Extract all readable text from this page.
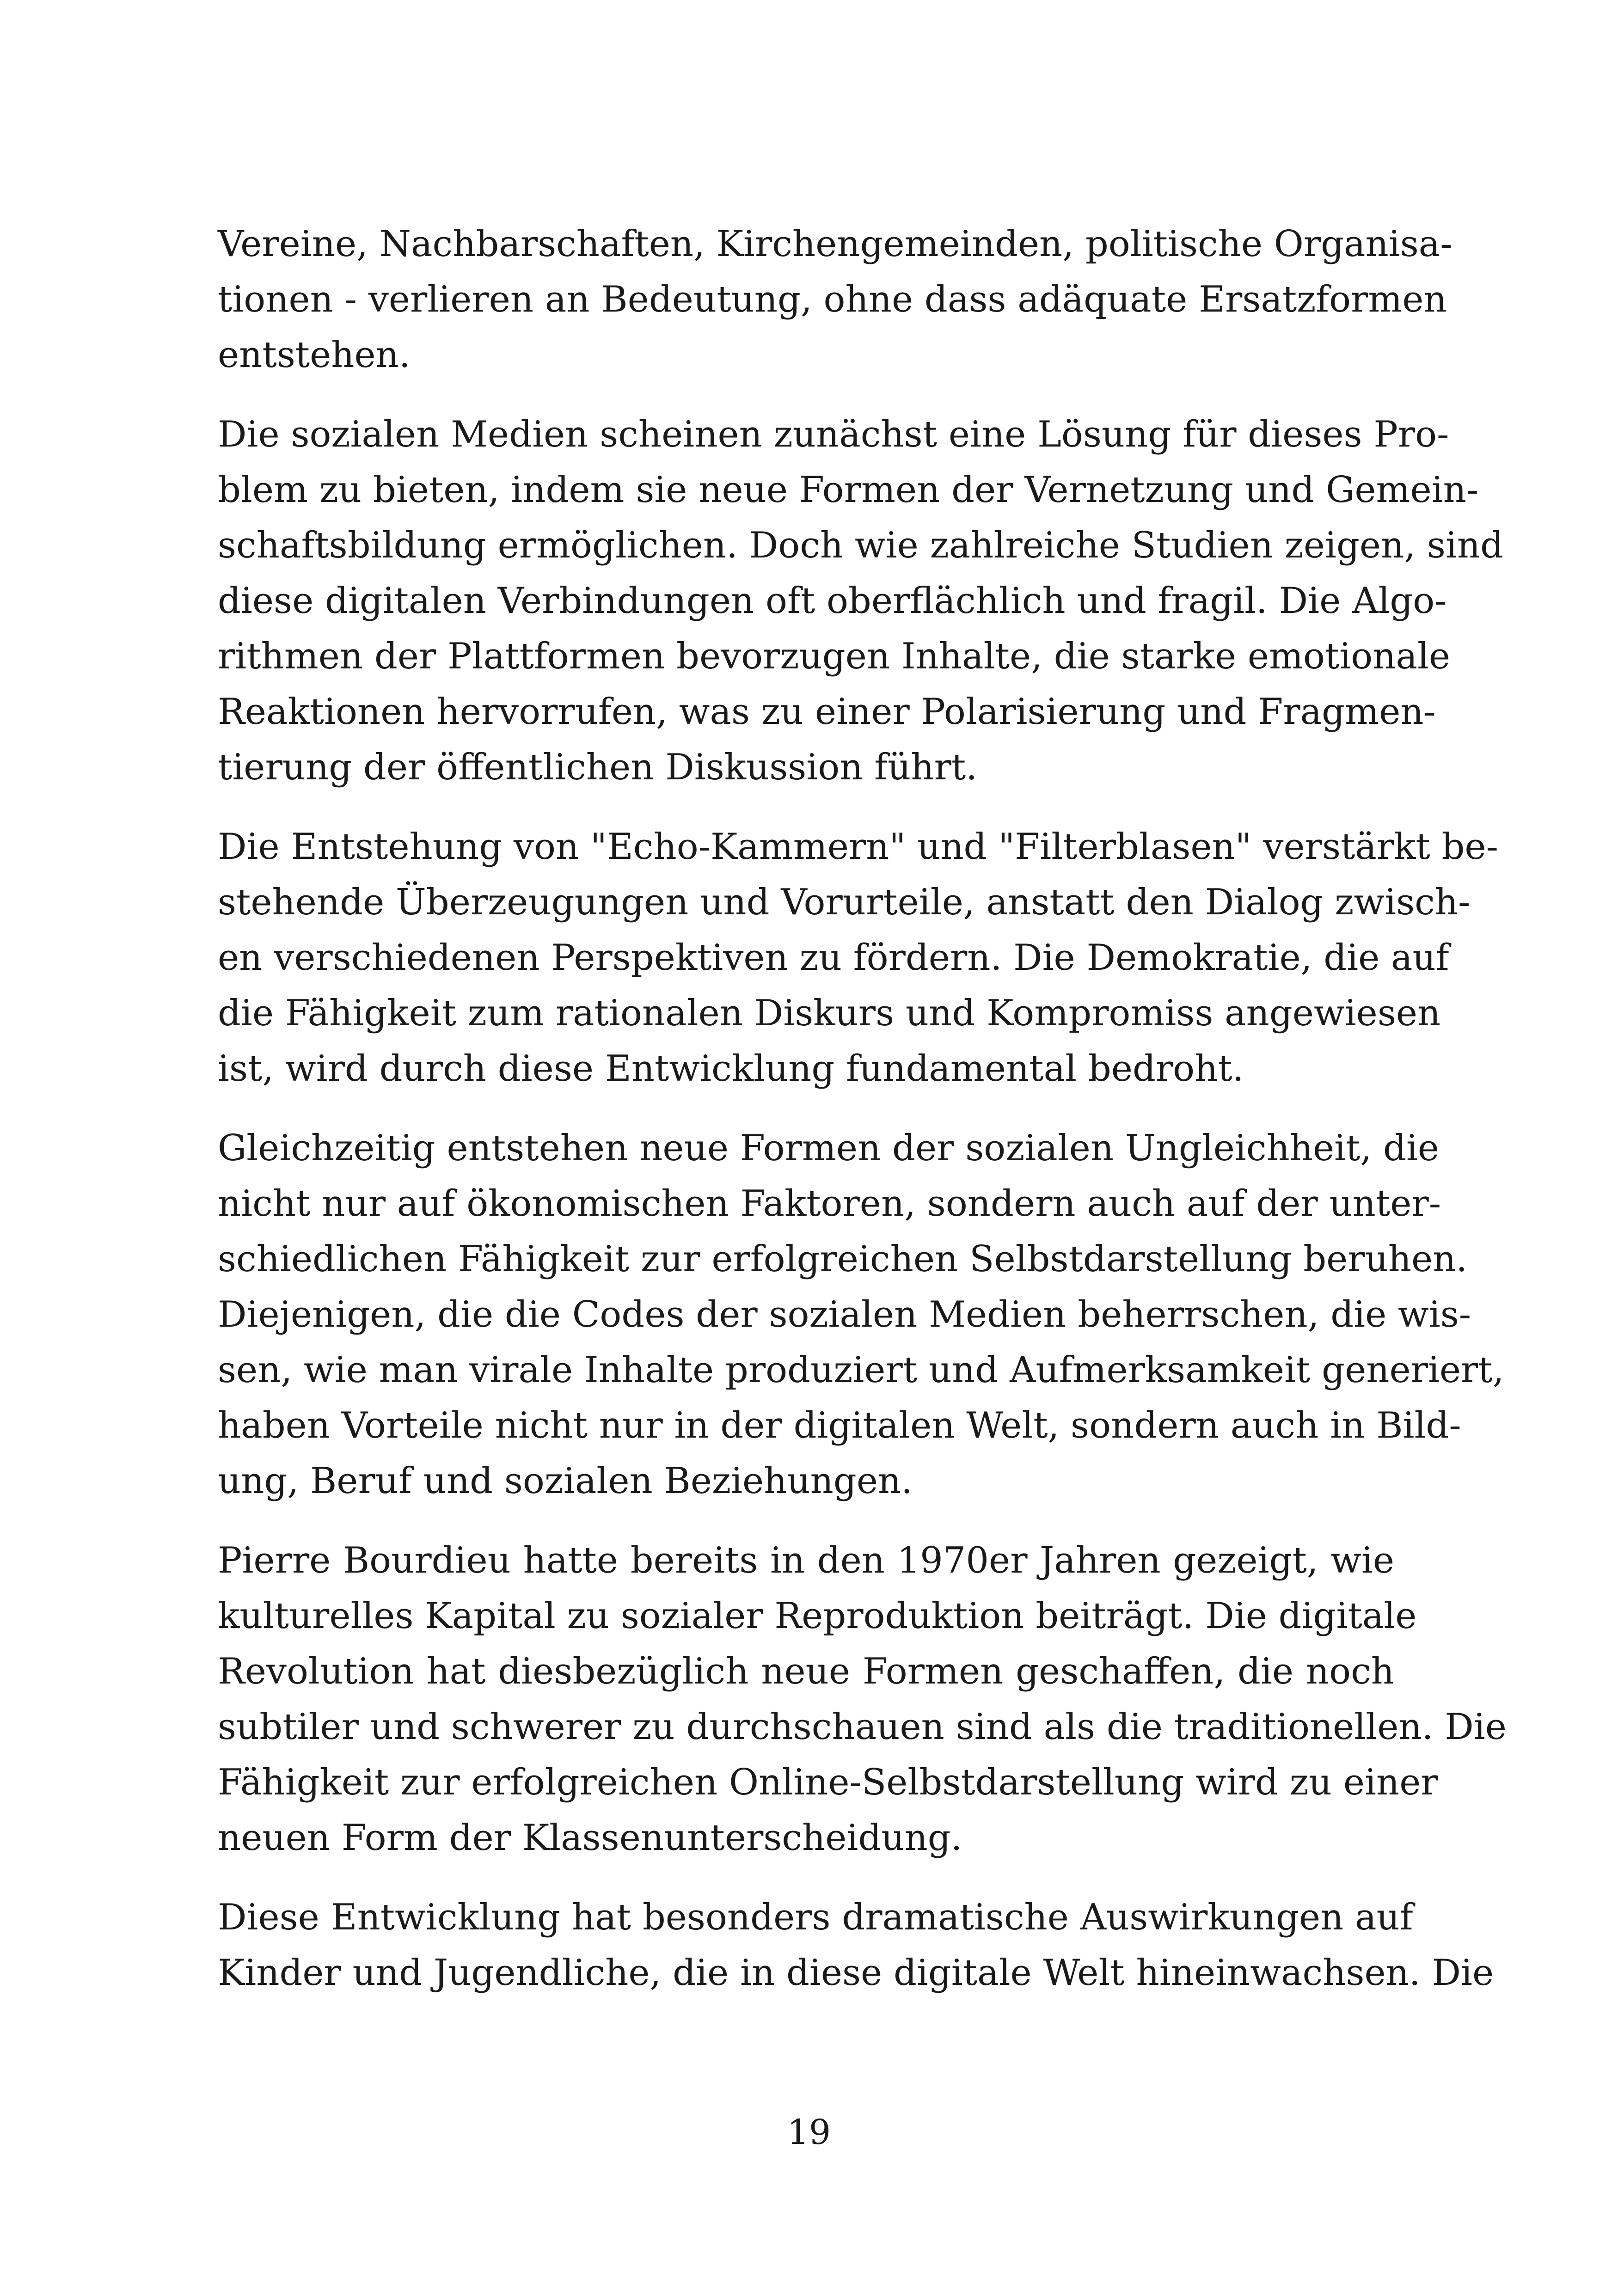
Vereine, Nachbarschaften, Kirchengemeinden, politische Organisa-
tionen - verlieren an Bedeutung, ohne dass adäquate Ersatzformen
entstehen.
Die sozialen Medien scheinen zunächst eine Lösung für dieses Pro-
blem zu bieten, indem sie neue Formen der Vernetzung und Gemein-
schaftsbildung ermöglichen. Doch wie zahlreiche Studien zeigen, sind
diese digitalen Verbindungen oft oberflächlich und fragil. Die Algo-
rithmen der Plattformen bevorzugen Inhalte, die starke emotionale
Reaktionen hervorrufen, was zu einer Polarisierung und Fragmen-
tierung der öffentlichen Diskussion führt.
Die Entstehung von "Echo-Kammern" und "Filterblasen" verstärkt be-
stehende Überzeugungen und Vorurteile, anstatt den Dialog zwisch-
en verschiedenen Perspektiven zu fördern. Die Demokratie, die auf
die Fähigkeit zum rationalen Diskurs und Kompromiss angewiesen
ist, wird durch diese Entwicklung fundamental bedroht.
Gleichzeitig entstehen neue Formen der sozialen Ungleichheit, die
nicht nur auf ökonomischen Faktoren, sondern auch auf der unter-
schiedlichen Fähigkeit zur erfolgreichen Selbstdarstellung beruhen.
Diejenigen, die die Codes der sozialen Medien beherrschen, die wis-
sen, wie man virale Inhalte produziert und Aufmerksamkeit generiert,
haben Vorteile nicht nur in der digitalen Welt, sondern auch in Bild-
ung, Beruf und sozialen Beziehungen.
Pierre Bourdieu hatte bereits in den 1970er Jahren gezeigt, wie
kulturelles Kapital zu sozialer Reproduktion beiträgt. Die digitale
Revolution hat diesbezüglich neue Formen geschaffen, die noch
subtiler und schwerer zu durchschauen sind als die traditionellen. Die
Fähigkeit zur erfolgreichen Online-Selbstdarstellung wird zu einer
neuen Form der Klassenunterscheidung.
Diese Entwicklung hat besonders dramatische Auswirkungen auf
Kinder und Jugendliche, die in diese digitale Welt hineinwachsen. Die
19
